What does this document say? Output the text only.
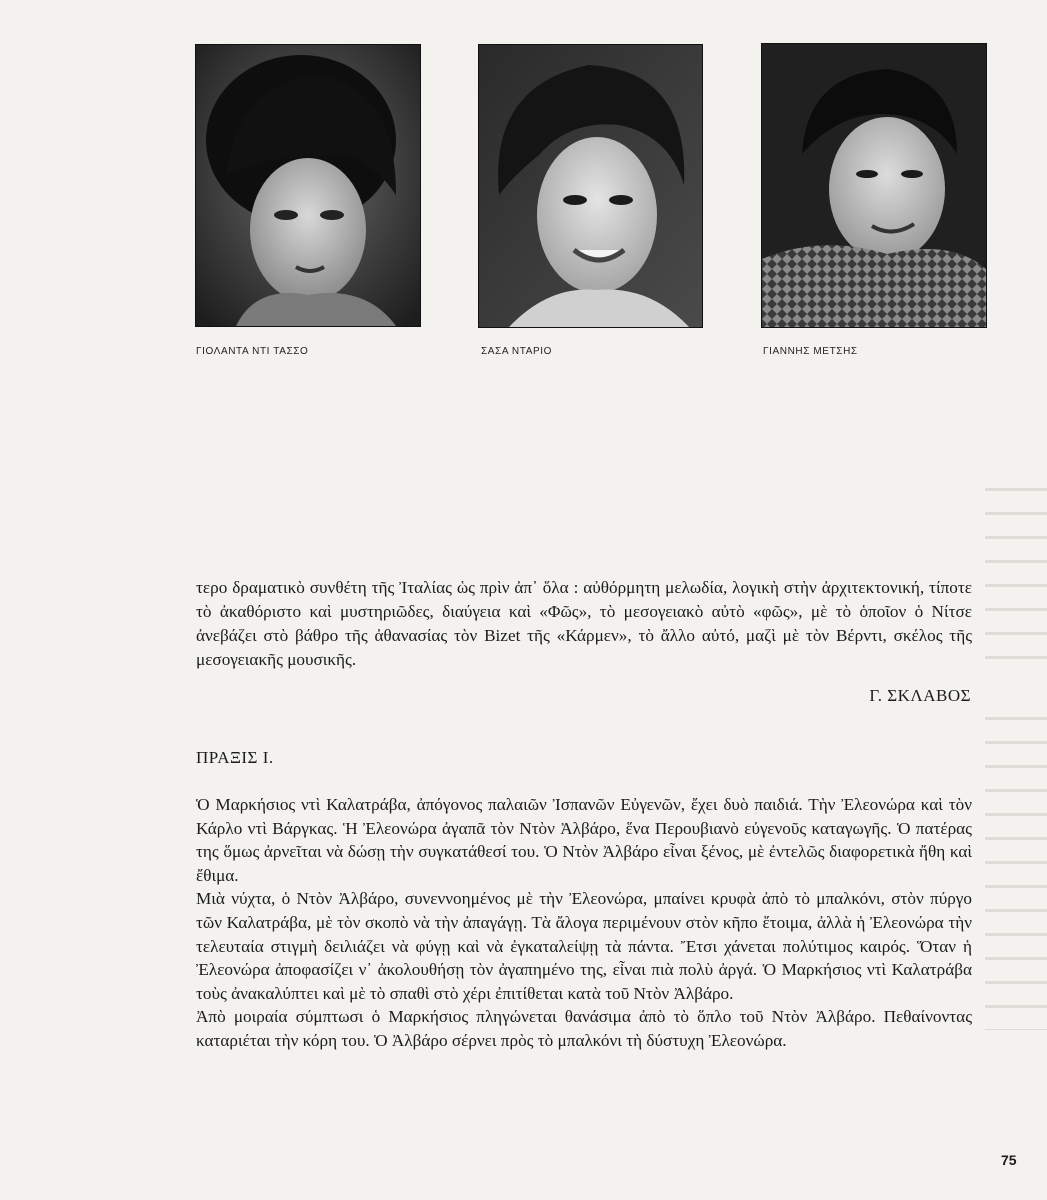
ΓΙΟΛΑΝΤΑ ΝΤΙ ΤΑΣΣΟ	ΣΑΣΑ ΝΤΑΡΙΟ	ΓΙΑΝΝΗΣ ΜΕΤΣΗΣ

τερο δραματικὸ συνθέτη τῆς Ἰταλίας ὡς πρὶν ἀπ᾽ ὅλα : αὐθόρμητη μελωδία, λογικὴ στὴν ἀρχιτεκτονική, τίποτε τὸ ἀκαθόριστο καὶ μυστηριῶδες, διαύγεια καὶ «Φῶς», τὸ μεσογειακὸ αὐτὸ «φῶς», μὲ τὸ ὁποῖον ὁ Νίτσε ἀνεβάζει στὸ βάθρο τῆς ἀθανασίας τὸν Bizet τῆς «Κάρμεν», τὸ ἄλλο αὐτό, μαζὶ μὲ τὸν Βέρντι, σκέλος τῆς μεσογειακῆς μουσικῆς.

Γ. ΣΚΛΑΒΟΣ
ΠΡΑΞΙΣ Ι.

Ὁ Μαρκήσιος ντὶ Καλατράβα, ἀπόγονος παλαιῶν Ἰσπανῶν Εὐγενῶν, ἔχει δυὸ παιδιά. Τὴν Ἐλεονώρα καὶ τὸν Κάρλο ντὶ Βάργκας. Ἡ Ἐλεονώρα ἀγαπᾶ τὸν Ντὸν Ἀλβάρο, ἕνα Περουβιανὸ εὐγενοῦς καταγωγῆς. Ὁ πατέρας της ὅμως ἀρνεῖται νὰ δώσῃ τὴν συγκατάθεσί του. Ὁ Ντὸν Ἀλβάρο εἶναι ξένος, μὲ ἐντελῶς διαφορετικὰ ἤθη καὶ ἔθιμα.

Μιὰ νύχτα, ὁ Ντὸν Ἀλβάρο, συνεννοημένος μὲ τὴν Ἐλεονώρα, μπαίνει κρυφὰ ἀπὸ τὸ μπαλκόνι, στὸν πύργο τῶν Καλατράβα, μὲ τὸν σκοπὸ νὰ τὴν ἀπαγάγῃ. Τὰ ἄλογα περιμένουν στὸν κῆπο ἕτοιμα, ἀλλὰ ἡ Ἐλεονώρα τὴν τελευταία στιγμὴ δειλιάζει νὰ φύγῃ καὶ νὰ ἐγκαταλείψῃ τὰ πάντα. Ἔτσι χάνεται πολύτιμος καιρός. Ὅταν ἡ Ἐλεονώρα ἀποφασίζει ν᾽ ἀκολουθήσῃ τὸν ἀγαπημένο της, εἶναι πιὰ πολὺ ἀργά. Ὁ Μαρκήσιος ντὶ Καλατράβα τοὺς ἀνακαλύπτει καὶ μὲ τὸ σπαθὶ στὸ χέρι ἐπιτίθεται κατὰ τοῦ Ντὸν Ἀλβάρο.

Ἀπὸ μοιραία σύμπτωσι ὁ Μαρκήσιος πληγώνεται θανάσιμα ἀπὸ τὸ ὅπλο τοῦ Ντὸν Ἀλβάρο. Πεθαίνοντας καταριέται τὴν κόρη του. Ὁ Ἀλβάρο σέρνει πρὸς τὸ μπαλκόνι τὴ δύστυχη Ἐλεονώρα.

75
